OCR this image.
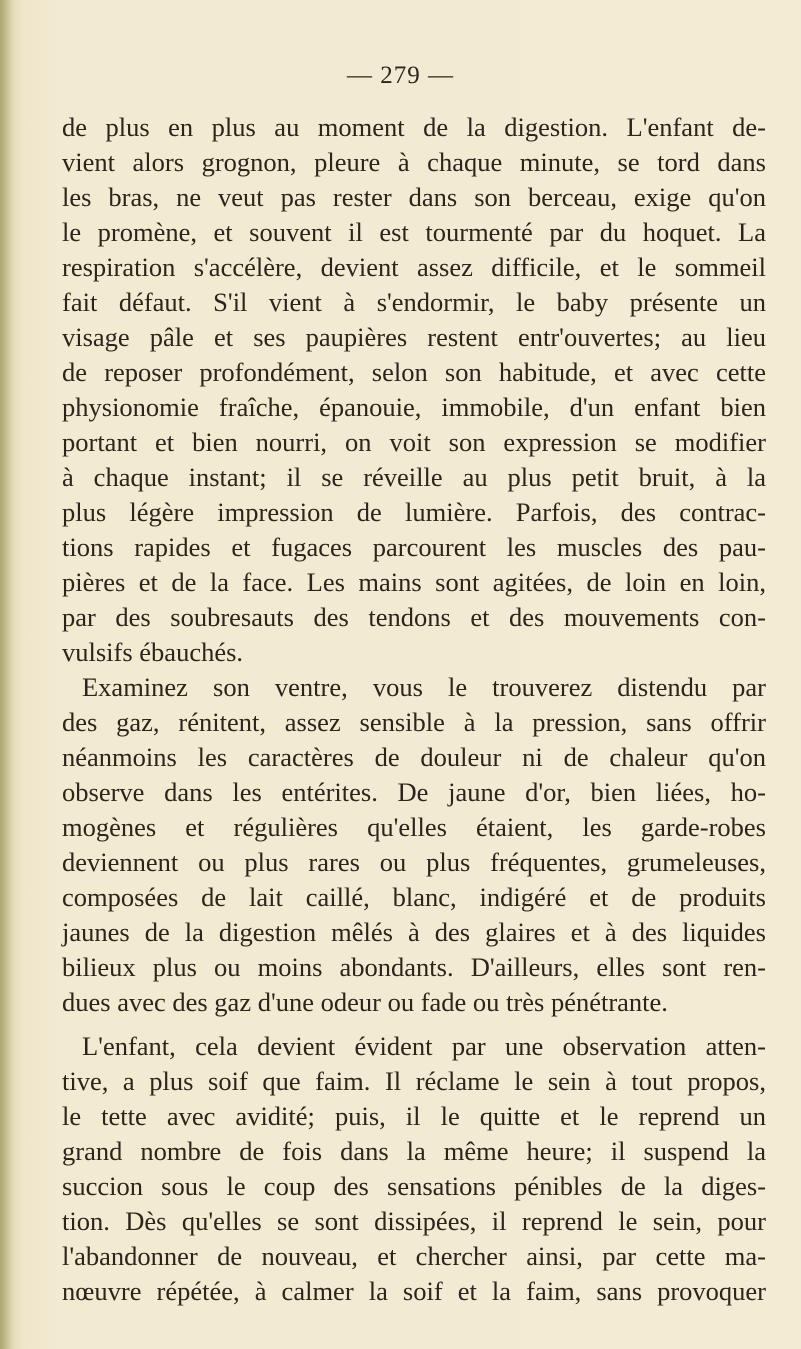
— 279 —
de plus en plus au moment de la digestion. L'enfant de-
vient alors grognon, pleure à chaque minute, se tord dans
les bras, ne veut pas rester dans son berceau, exige qu'on
le promène, et souvent il est tourmenté par du hoquet. La
respiration s'accélère, devient assez difficile, et le sommeil
fait défaut. S'il vient à s'endormir, le baby présente un
visage pâle et ses paupières restent entr'ouvertes; au lieu
de reposer profondément, selon son habitude, et avec cette
physionomie fraîche, épanouie, immobile, d'un enfant bien
portant et bien nourri, on voit son expression se modifier
à chaque instant; il se réveille au plus petit bruit, à la
plus légère impression de lumière. Parfois, des contrac-
tions rapides et fugaces parcourent les muscles des pau-
pières et de la face. Les mains sont agitées, de loin en loin,
par des soubresauts des tendons et des mouvements con-
vulsifs ébauchés.
Examinez son ventre, vous le trouverez distendu par
des gaz, rénitent, assez sensible à la pression, sans offrir
néanmoins les caractères de douleur ni de chaleur qu'on
observe dans les entérites. De jaune d'or, bien liées, ho-
mogènes et régulières qu'elles étaient, les garde-robes
deviennent ou plus rares ou plus fréquentes, grumeleuses,
composées de lait caillé, blanc, indigéré et de produits
jaunes de la digestion mêlés à des glaires et à des liquides
bilieux plus ou moins abondants. D'ailleurs, elles sont ren-
dues avec des gaz d'une odeur ou fade ou très pénétrante.
L'enfant, cela devient évident par une observation atten-
tive, a plus soif que faim. Il réclame le sein à tout propos,
le tette avec avidité; puis, il le quitte et le reprend un
grand nombre de fois dans la même heure; il suspend la
succion sous le coup des sensations pénibles de la diges-
tion. Dès qu'elles se sont dissipées, il reprend le sein, pour
l'abandonner de nouveau, et chercher ainsi, par cette ma-
nœuvre répétée, à calmer la soif et la faim, sans provoquer
